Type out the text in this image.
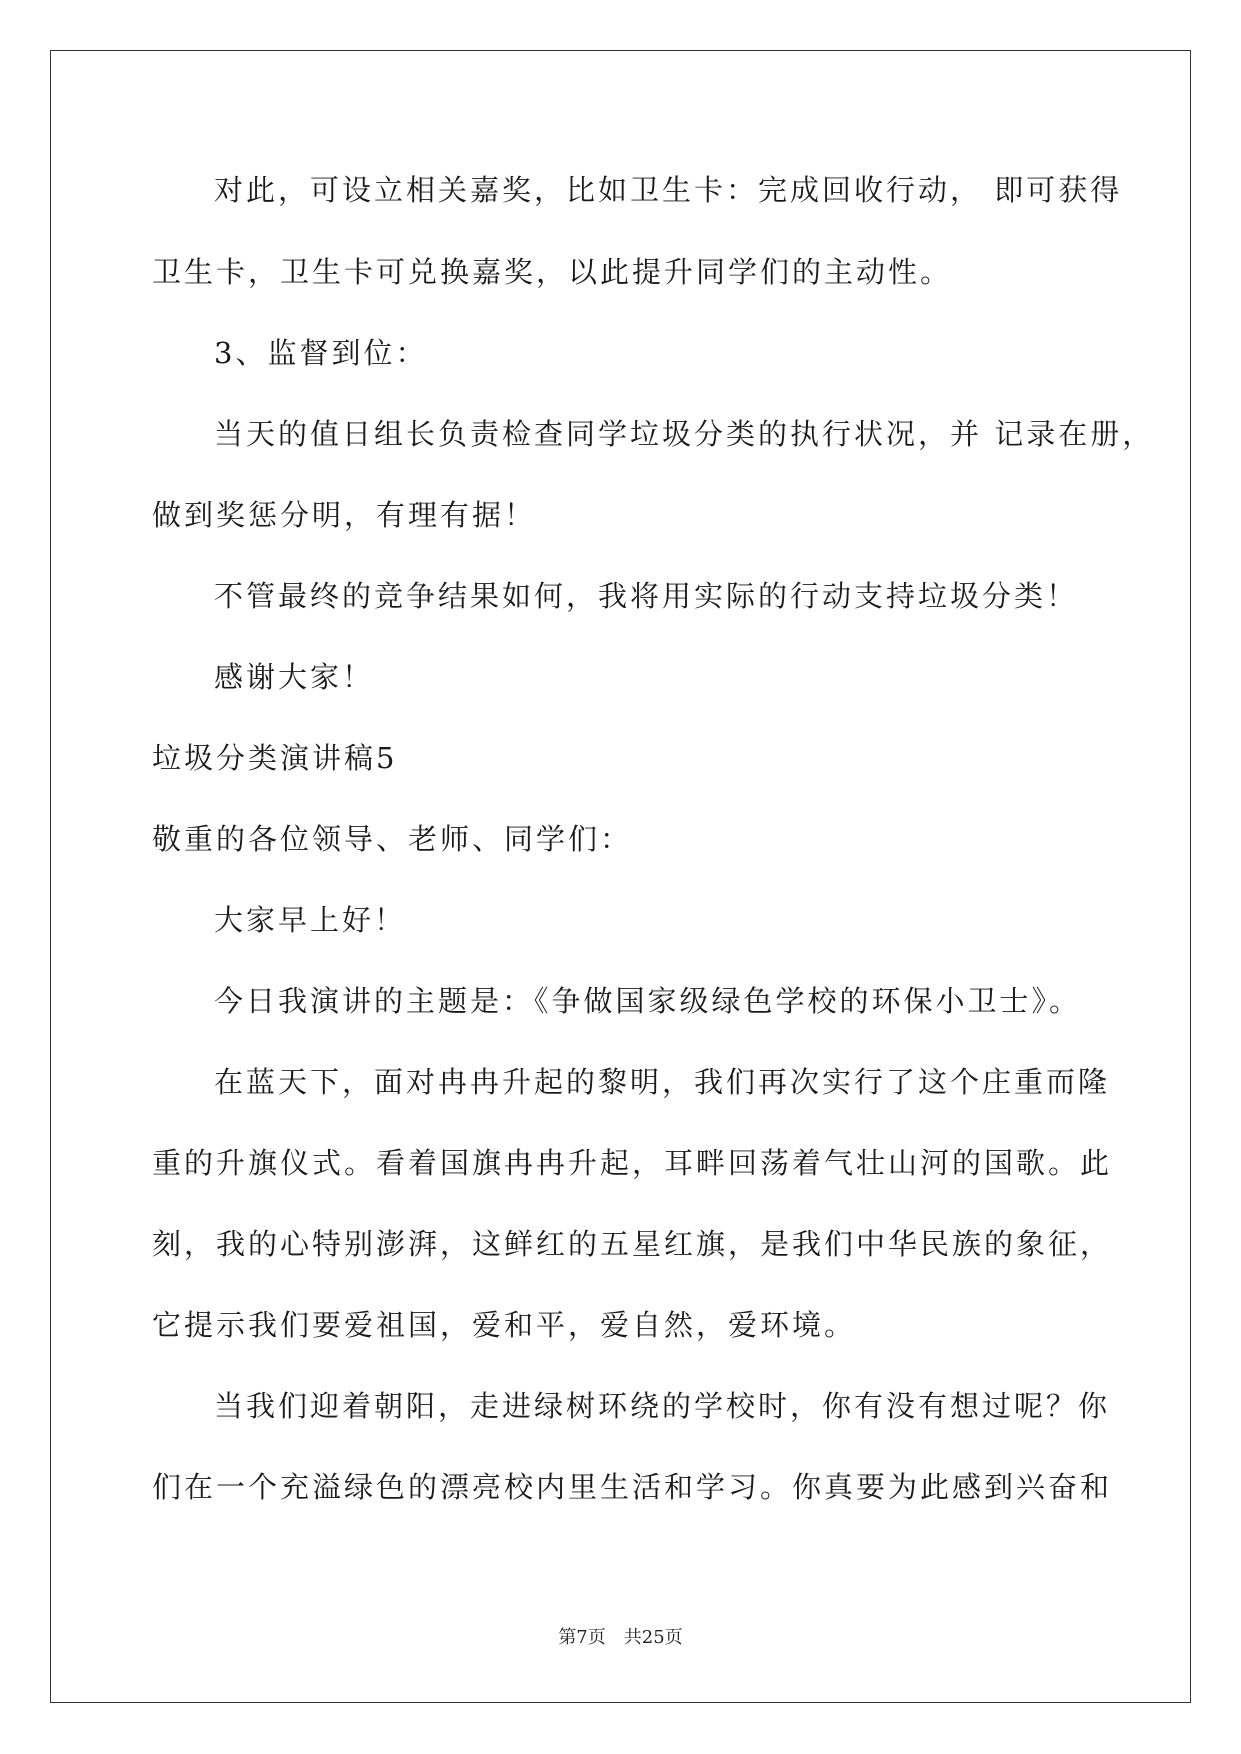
对此，可设立相关嘉奖，比如卫生卡：完成回收行动， 即可获得
卫生卡，卫生卡可兑换嘉奖，以此提升同学们的主动性。
3、监督到位：
当天的值日组长负责检查同学垃圾分类的执行状况，并 记录在册，
做到奖惩分明，有理有据！
不管最终的竞争结果如何，我将用实际的行动支持垃圾分类！
感谢大家！
垃圾分类演讲稿5
敬重的各位领导、老师、同学们：
大家早上好！
今日我演讲的主题是：《争做国家级绿色学校的环保小卫士》。
在蓝天下，面对冉冉升起的黎明，我们再次实行了这个庄重而隆
重的升旗仪式。看着国旗冉冉升起，耳畔回荡着气壮山河的国歌。此
刻，我的心特别澎湃，这鲜红的五星红旗，是我们中华民族的象征，
它提示我们要爱祖国，爱和平，爱自然，爱环境。
当我们迎着朝阳，走进绿树环绕的学校时，你有没有想过呢？你
们在一个充溢绿色的漂亮校内里生活和学习。你真要为此感到兴奋和
第7页 共25页
